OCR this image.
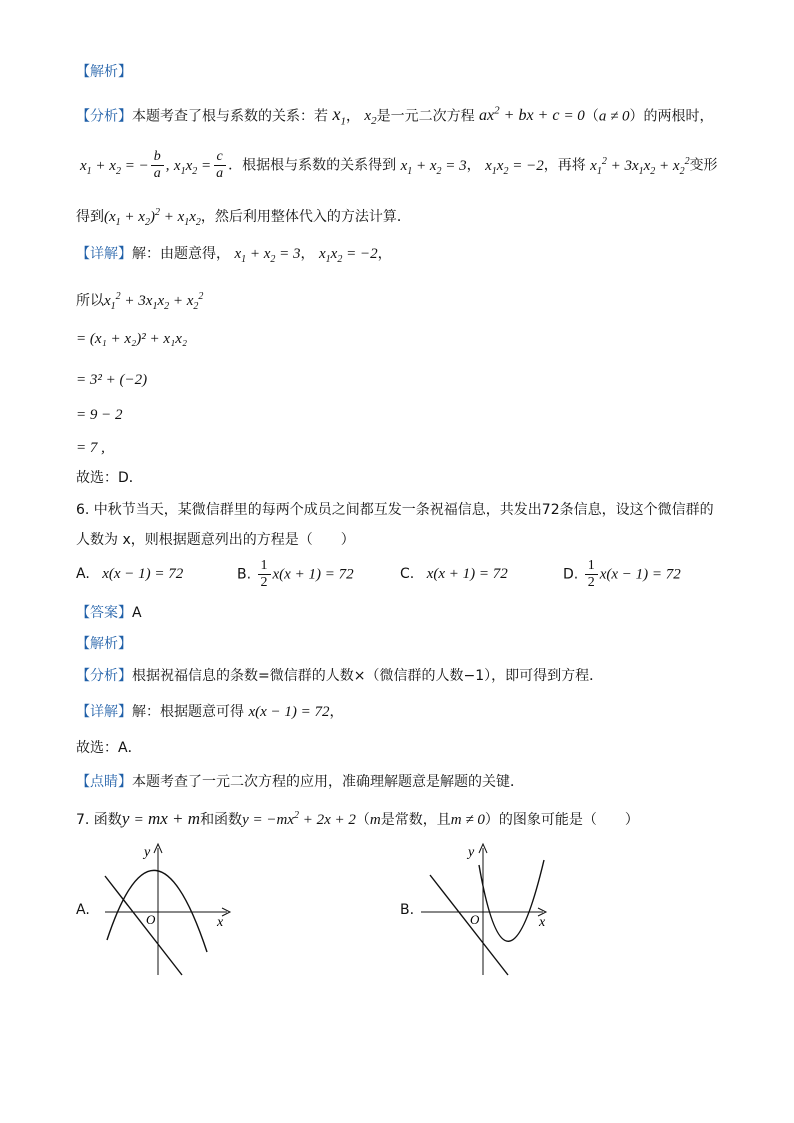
【解析】
【分析】本题考查了根与系数的关系：若 $x_1$， $x_2$是一元二次方程 $ax^2$ + bx + c = 0（a ≠ 0）的两根时，
$x_1 + x_2$ = − $\frac{b}{a}$ , $x_1x_2 = \frac{c}{a}$ ．根据根与系数的关系得到 $x_1 + x_2 = 3$， $x_1x_2 = -2$，再将 $x_1^2 + 3x_1x_2 + x_2^2$变形
得到$(x_1 + x_2)^2 + x_1x_2$，然后利用整体代入的方法计算．
【详解】解：由题意得， $x_1 + x_2 = 3$， $x_1x_2 = -2$，
所以$x_1^2 + 3x_1x_2 + x_2^2$
= (x₁ + x₂)² + x₁x₂
= 3² + (−2)
= 9 − 2
= 7 ,
故选：D．
6. 中秋节当天，某微信群里的每两个成员之间都互发一条祝福信息，共发出72条信息，设这个微信群的
人数为 x，则根据题意列出的方程是（　　）
A. x(x − 1) = 72	B. $\frac{1}{2} x(x + 1) = 72$	C. x(x + 1) = 72	D. $\frac{1}{2} x(x - 1) = 72$
【答案】A
【解析】
【分析】根据祝福信息的条数=微信群的人数×（微信群的人数−1），即可得到方程．
【详解】解：根据题意可得 x(x − 1) = 72，
故选：A．
【点睛】本题考查了一元二次方程的应用，准确理解题意是解题的关键．
7. 函数y = mx + m和函数$y = -mx^2 + 2x + 2(m$是常数，且m ≠ 0）的图象可能是（　　）
A.
x
y
O
B.
x
y
O
